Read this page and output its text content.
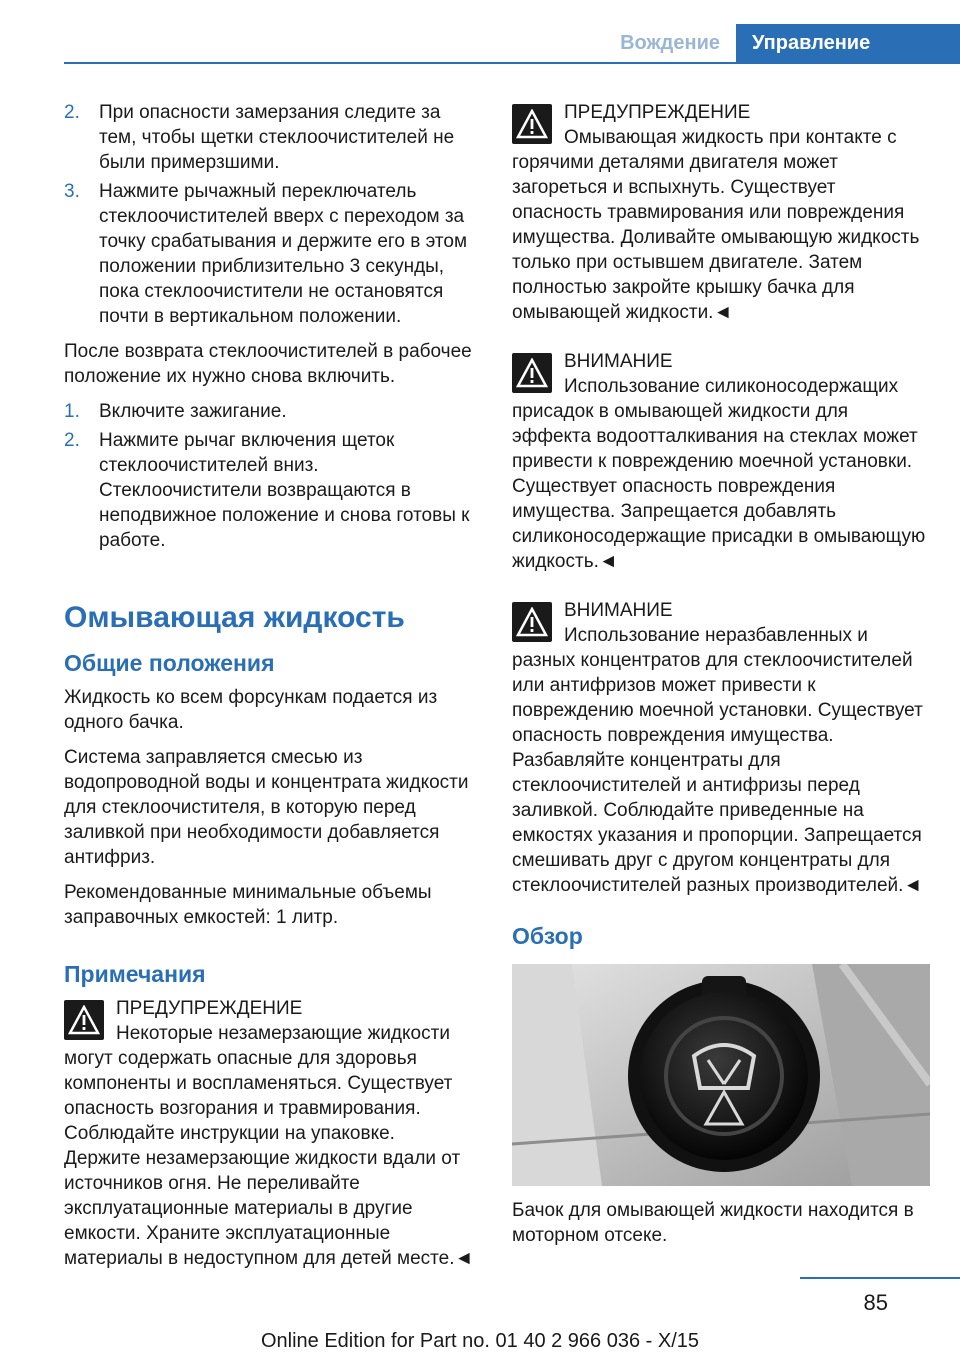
Вождение	Управление
2. При опасности замерзания следите за тем, чтобы щетки стеклоочистителей не были примерзшими.
3. Нажмите рычажный переключатель стеклоочистителей вверх с переходом за точку срабатывания и держите его в этом положении приблизительно 3 секунды, пока стеклоочистители не остановятся почти в вертикальном положении.

После возврата стеклоочистителей в рабочее положение их нужно снова включить.

1. Включите зажигание.
2. Нажмите рычаг включения щеток стеклоочистителей вниз. Стеклоочистители возвращаются в неподвижное положение и снова готовы к работе.
Омывающая жидкость
Общие положения

Жидкость ко всем форсункам подается из одного бачка.

Система заправляется смесью из водопроводной воды и концентрата жидкости для стеклоочистителя, в которую перед заливкой при необходимости добавляется антифриз.

Рекомендованные минимальные объемы заправочных емкостей: 1 литр.

Примечания
ПРЕДУПРЕЖДЕНИЕ
Некоторые незамерзающие жидкости могут содержать опасные для здоровья компоненты и воспламеняться. Существует опасность возгорания и травмирования. Соблюдайте инструкции на упаковке. Держите незамерзающие жидкости вдали от источников огня. Не переливайте эксплуатационные материалы в другие емкости. Храните эксплуатационные материалы в недоступном для детей месте.◄
ПРЕДУПРЕЖДЕНИЕ
Омывающая жидкость при контакте с горячими деталями двигателя может загореться и вспыхнуть. Существует опасность травмирования или повреждения имущества. Доливайте омывающую жидкость только при остывшем двигателе. Затем полностью закройте крышку бачка для омывающей жидкости.◄
ВНИМАНИЕ
Использование силиконосодержащих присадок в омывающей жидкости для эффекта водоотталкивания на стеклах может привести к повреждению моечной установки. Существует опасность повреждения имущества. Запрещается добавлять силиконосодержащие присадки в омывающую жидкость.◄
ВНИМАНИЕ
Использование неразбавленных и разных концентратов для стеклоочистителей или антифризов может привести к повреждению моечной установки. Существует опасность повреждения имущества. Разбавляйте концентраты для стеклоочистителей и антифризы перед заливкой. Соблюдайте приведенные на емкостях указания и пропорции. Запрещается смешивать друг с другом концентраты для стеклоочистителей разных производителей.◄
Обзор

Бачок для омывающей жидкости находится в моторном отсеке.

85
Online Edition for Part no. 01 40 2 966 036 - X/15
